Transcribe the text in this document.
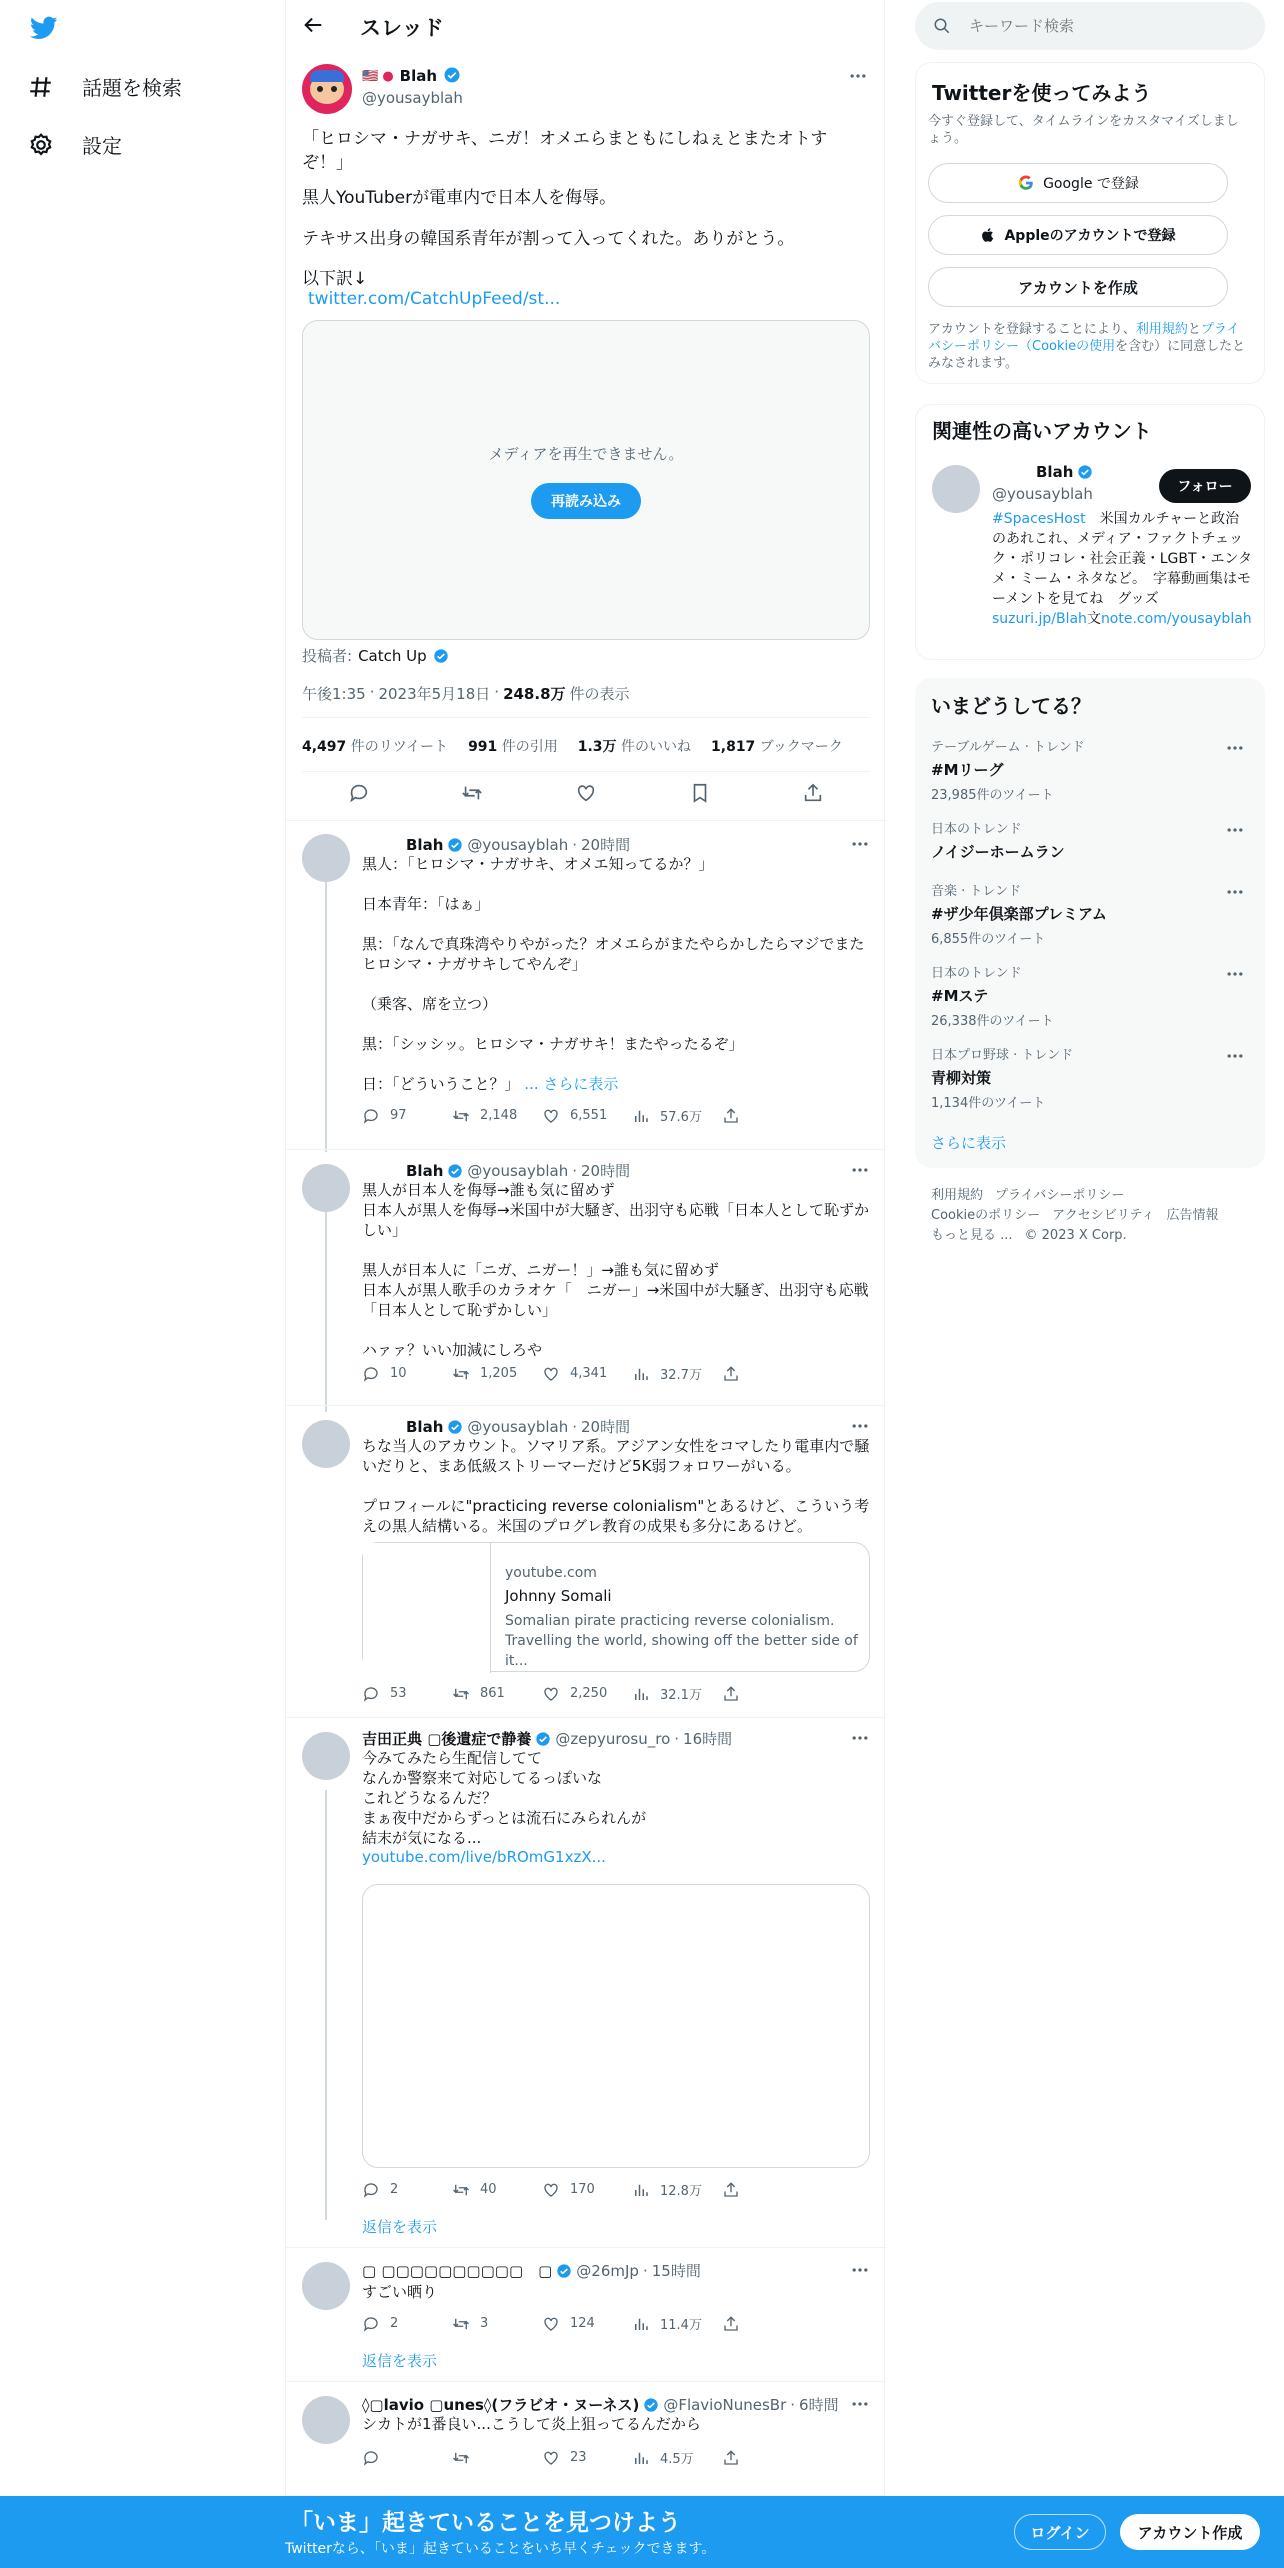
話題を検索
設定
スレッド
🇺🇸 ● Blah
@yousayblah
「ヒロシマ・ナガサキ、ニガ！オメエらまともにしねぇとまたオトすぞ！」
黒人YouTuberが電車内で日本人を侮辱。
テキサス出身の韓国系青年が割って入ってくれた。ありがとう。
以下訳↓
twitter.com/CatchUpFeed/st...
メディアを再生できません。
再読み込み
投稿者: Catch Up
午後1:35 · 2023年5月18日 · 248.8万 件の表示
4,497 件のリツイート 991 件の引用 1.3万 件のいいね 1,817 ブックマーク
Blah @yousayblah · 20時間
黒人：「ヒロシマ・ナガサキ、オメエ知ってるか？」

日本青年：「はぁ」

黒：「なんで真珠湾やりやがった？オメエらがまたやらかしたらマジでまたヒロシマ・ナガサキしてやんぞ」

（乗客、席を立つ）

黒：「シッシッ。ヒロシマ・ナガサキ！またやったるぞ」

日：「どういうこと？」 ... さらに表示
97	2,148	6,551	57.6万
Blah @yousayblah · 20時間
黒人が日本人を侮辱→誰も気に留めず
日本人が黒人を侮辱→米国中が大騒ぎ、出羽守も応戦「日本人として恥ずかしい」

黒人が日本人に「ニガ、ニガー！」→誰も気に留めず
日本人が黒人歌手のカラオケ「　ニガー」→米国中が大騒ぎ、出羽守も応戦「日本人として恥ずかしい」

ハァァ？いい加減にしろや
10	1,205	4,341	32.7万
Blah @yousayblah · 20時間
ちな当人のアカウント。ソマリア系。アジアン女性をコマしたり電車内で騒いだりと、まあ低級ストリーマーだけど5K弱フォロワーがいる。

プロフィールに"practicing reverse colonialism"とあるけど、こういう考えの黒人結構いる。米国のプログレ教育の成果も多分にあるけど。
youtube.com
Johnny Somali
Somalian pirate practicing reverse colonialism. Travelling the world, showing off the better side of it...
53	861	2,250	32.1万
吉田正典 ▢後遺症で静養 @zepyurosu_ro · 16時間
今みてみたら生配信してて
なんか警察来て対応してるっぽいな
これどうなるんだ？
まぁ夜中だからずっとは流石にみられんが
結末が気になる...
youtube.com/live/bROmG1xzX...
2	40	170	12.8万
返信を表示
▢ ▢▢▢▢▢▢▢▢▢▢　▢ @26mJp · 15時間
すごい晒り
2	3	124	11.4万
返信を表示
◊▢lavio ▢unes◊(フラビオ・ヌーネス) @FlavioNunesBr · 6時間
シカトが1番良い...こうして炎上狙ってるんだから
23	4.5万
キーワード検索
Twitterを使ってみよう
今すぐ登録して、タイムラインをカスタマイズしましょう。
Google で登録
Appleのアカウントで登録
アカウントを作成
アカウントを登録することにより、利用規約とプライバシーポリシー（Cookieの使用を含む）に同意したとみなされます。
関連性の高いアカウント
Blah
@yousayblah	フォロー
#SpacesHost　米国カルチャーと政治のあれこれ、メディア・ファクトチェック・ポリコレ・社会正義・LGBT・エンタメ・ミーム・ネタなど。　字幕動画集はモーメントを見てね　グッズsuzuri.jp/Blah文note.com/yousayblah
いまどうしてる？
テーブルゲーム · トレンド
#Mリーグ
23,985件のツイート
日本のトレンド
ノイジーホームラン
音楽 · トレンド
#ザ少年倶楽部プレミアム
6,855件のツイート
日本のトレンド
#Mステ
26,338件のツイート
日本プロ野球 · トレンド
青柳対策
1,134件のツイート
さらに表示
利用規約 プライバシーポリシー
Cookieのポリシー アクセシビリティ 広告情報
もっと見る ... © 2023 X Corp.
「いま」起きていることを見つけよう
Twitterなら、「いま」起きていることをいち早くチェックできます。
ログイン	アカウント作成
